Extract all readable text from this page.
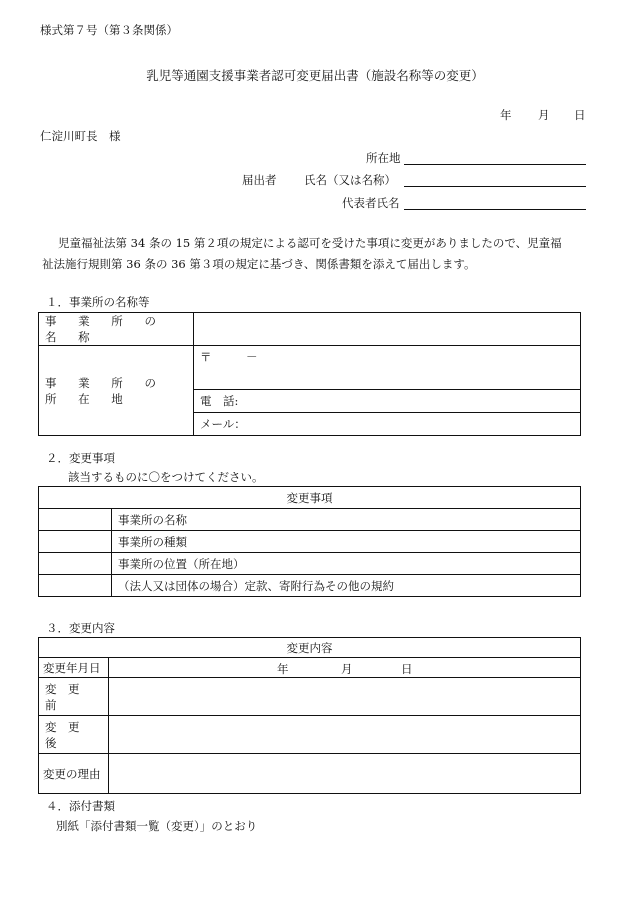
様式第７号（第３条関係）
乳児等通園支援事業者認可変更届出書（施設名称等の変更）
年 月 日
仁淀川町長　様
所在地
届出者 氏名（又は名称）
代表者氏名
児童福祉法第 34 条の 15 第２項の規定による認可を受けた事項に変更がありましたので、児童福
祉法施行規則第 36 条の 36 第３項の規定に基づき、関係書類を添えて届出します。
１．事業所の名称等
事 業 所 の 名 称	
事 業 所 の 所 在 地	〒　　　－
	電　話:
	メール：
２．変更事項
該当するものに〇をつけてください。
変更事項	
	事業所の名称
	事業所の種類
	事業所の位置（所在地）
	（法人又は団体の場合）定款、寄附行為その他の規約
３．変更内容
変更内容	
変更年月日	年 月 日

変　更　前	
変　更　後	
変更の理由	
４．添付書類
別紙「添付書類一覧（変更）」のとおり
